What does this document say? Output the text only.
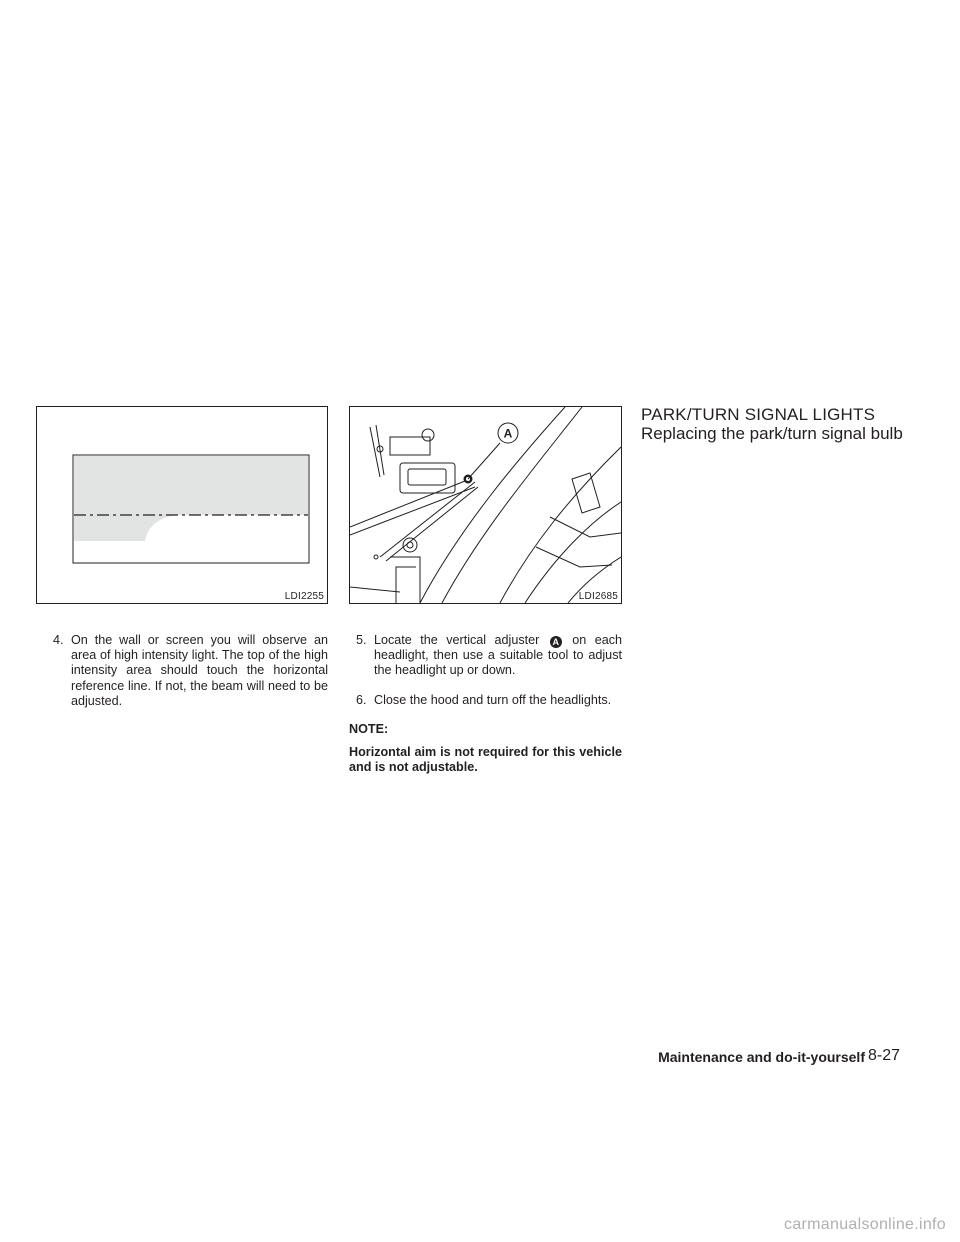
LDI2255
A
LDI2685
4. On the wall or screen you will observe an area of high intensity light. The top of the high intensity area should touch the horizontal reference line. If not, the beam will need to be adjusted.
5. Locate the vertical adjuster A on each headlight, then use a suitable tool to adjust the headlight up or down.
6. Close the hood and turn off the headlights.
NOTE:
Horizontal aim is not required for this vehicle and is not adjustable.
PARK/TURN SIGNAL LIGHTS
Replacing the park/turn signal bulb
Maintenance and do-it-yourself 8-27
carmanualsonline.info
